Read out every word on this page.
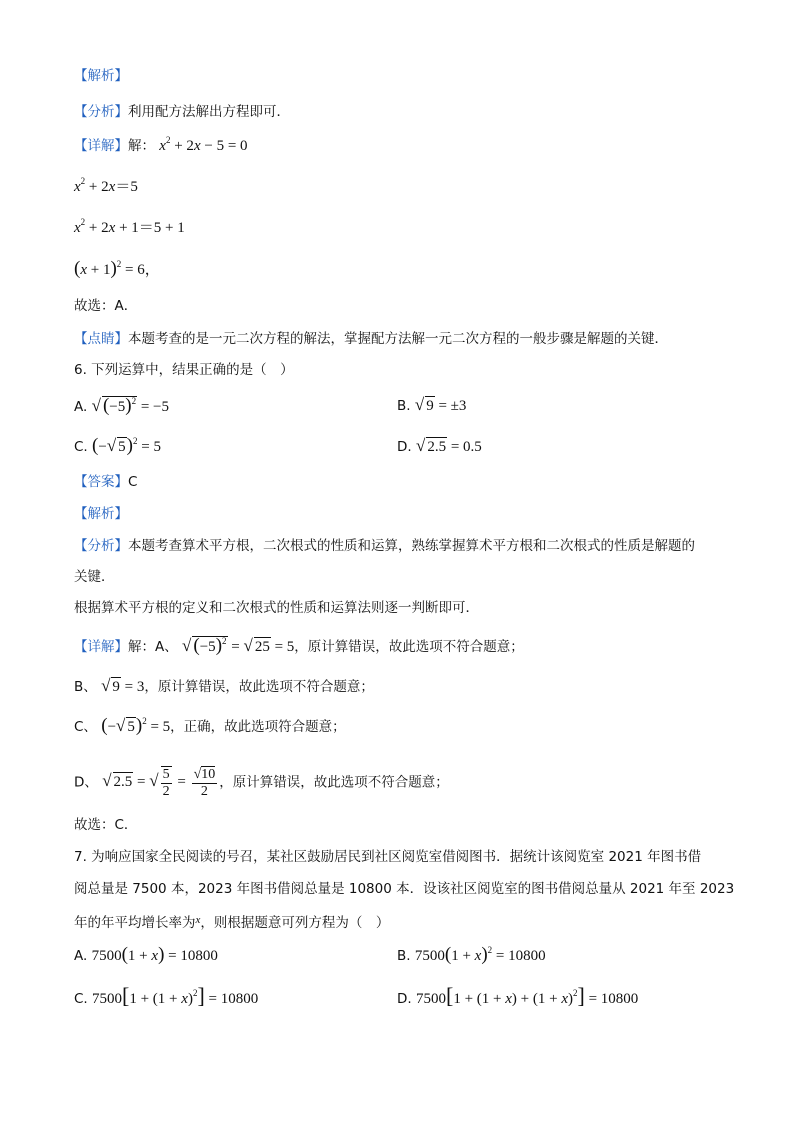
【解析】
【分析】利用配方法解出方程即可．
【详解】解： $x^2 + 2x - 5 = 0$
$x^2 + 2x=5$
$x^2 + 2x + 1=5 + 1$
$(x + 1)^2 = 6$，
故选：A．
【点睛】本题考查的是一元二次方程的解法，掌握配方法解一元二次方程的一般步骤是解题的关键．
6. 下列运算中，结果正确的是（　）
A. √ $(-5)^2 = -5$	B. √ 9 = ±3
C. (−√ 5)$^2$ = 5	D. √ 2.5 = 0.5
【答案】C
【解析】
【分析】本题考查算术平方根，二次根式的性质和运算，熟练掌握算术平方根和二次根式的性质是解题的
关键．
根据算术平方根的定义和二次根式的性质和运算法则逐一判断即可．
【详解】解：A、 √ $(-5)^2$ = √ 25 = 5，原计算错误，故此选项不符合题意；
B、 √ 9 = 3，原计算错误，故此选项不符合题意；
C、 (−√ 5)$^2$ = 5，正确，故此选项符合题意；
D、 √ 2.5 = √ $\frac{5}{2} = \frac{√10}{2}$ ，原计算错误，故此选项不符合题意；
故选：C．
7. 为响应国家全民阅读的号召，某社区鼓励居民到社区阅览室借阅图书．据统计该阅览室 2021 年图书借
阅总量是 7500 本，2023 年图书借阅总量是 10800 本．设该社区阅览室的图书借阅总量从 2021 年至 2023
年的年平均增长率为$^x$，则根据题意可列方程为（　）
A. 7500(1 + x) = 10800	B. $7500(1 + x)^2 = 10800$
C. $7500[1 + (1 + x)^2] = 10800$	D. $7500[1 + (1 + x) + (1 + x)^2] = 10800$
